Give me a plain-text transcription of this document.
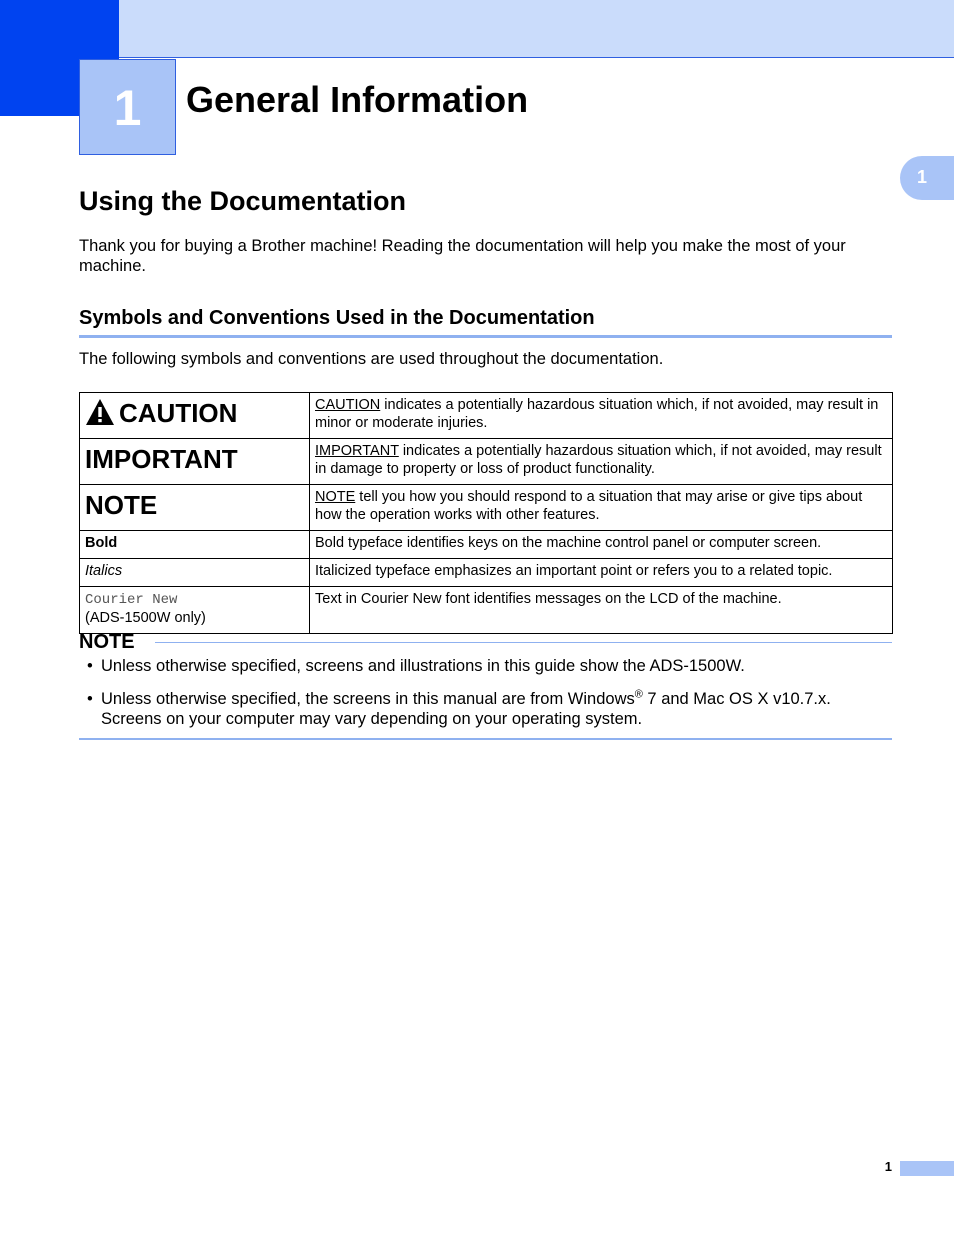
1	General Information
1
Using the Documentation

Thank you for buying a Brother machine! Reading the documentation will help you make the most of your machine.

Symbols and Conventions Used in the Documentation

The following symbols and conventions are used throughout the documentation.

CAUTION	CAUTION indicates a potentially hazardous situation which, if not avoided, may result in minor or moderate injuries.
IMPORTANT	IMPORTANT indicates a potentially hazardous situation which, if not avoided, may result in damage to property or loss of product functionality.
NOTE	NOTE tell you how you should respond to a situation that may arise or give tips about how the operation works with other features.
Bold	Bold typeface identifies keys on the machine control panel or computer screen.
Italics	Italicized typeface emphasizes an important point or refers you to a related topic.
Courier New
(ADS-1500W only)	Text in Courier New font identifies messages on the LCD of the machine.
NOTE
• Unless otherwise specified, screens and illustrations in this guide show the ADS-1500W.
• Unless otherwise specified, the screens in this manual are from Windows® 7 and Mac OS X v10.7.x. Screens on your computer may vary depending on your operating system.
1
